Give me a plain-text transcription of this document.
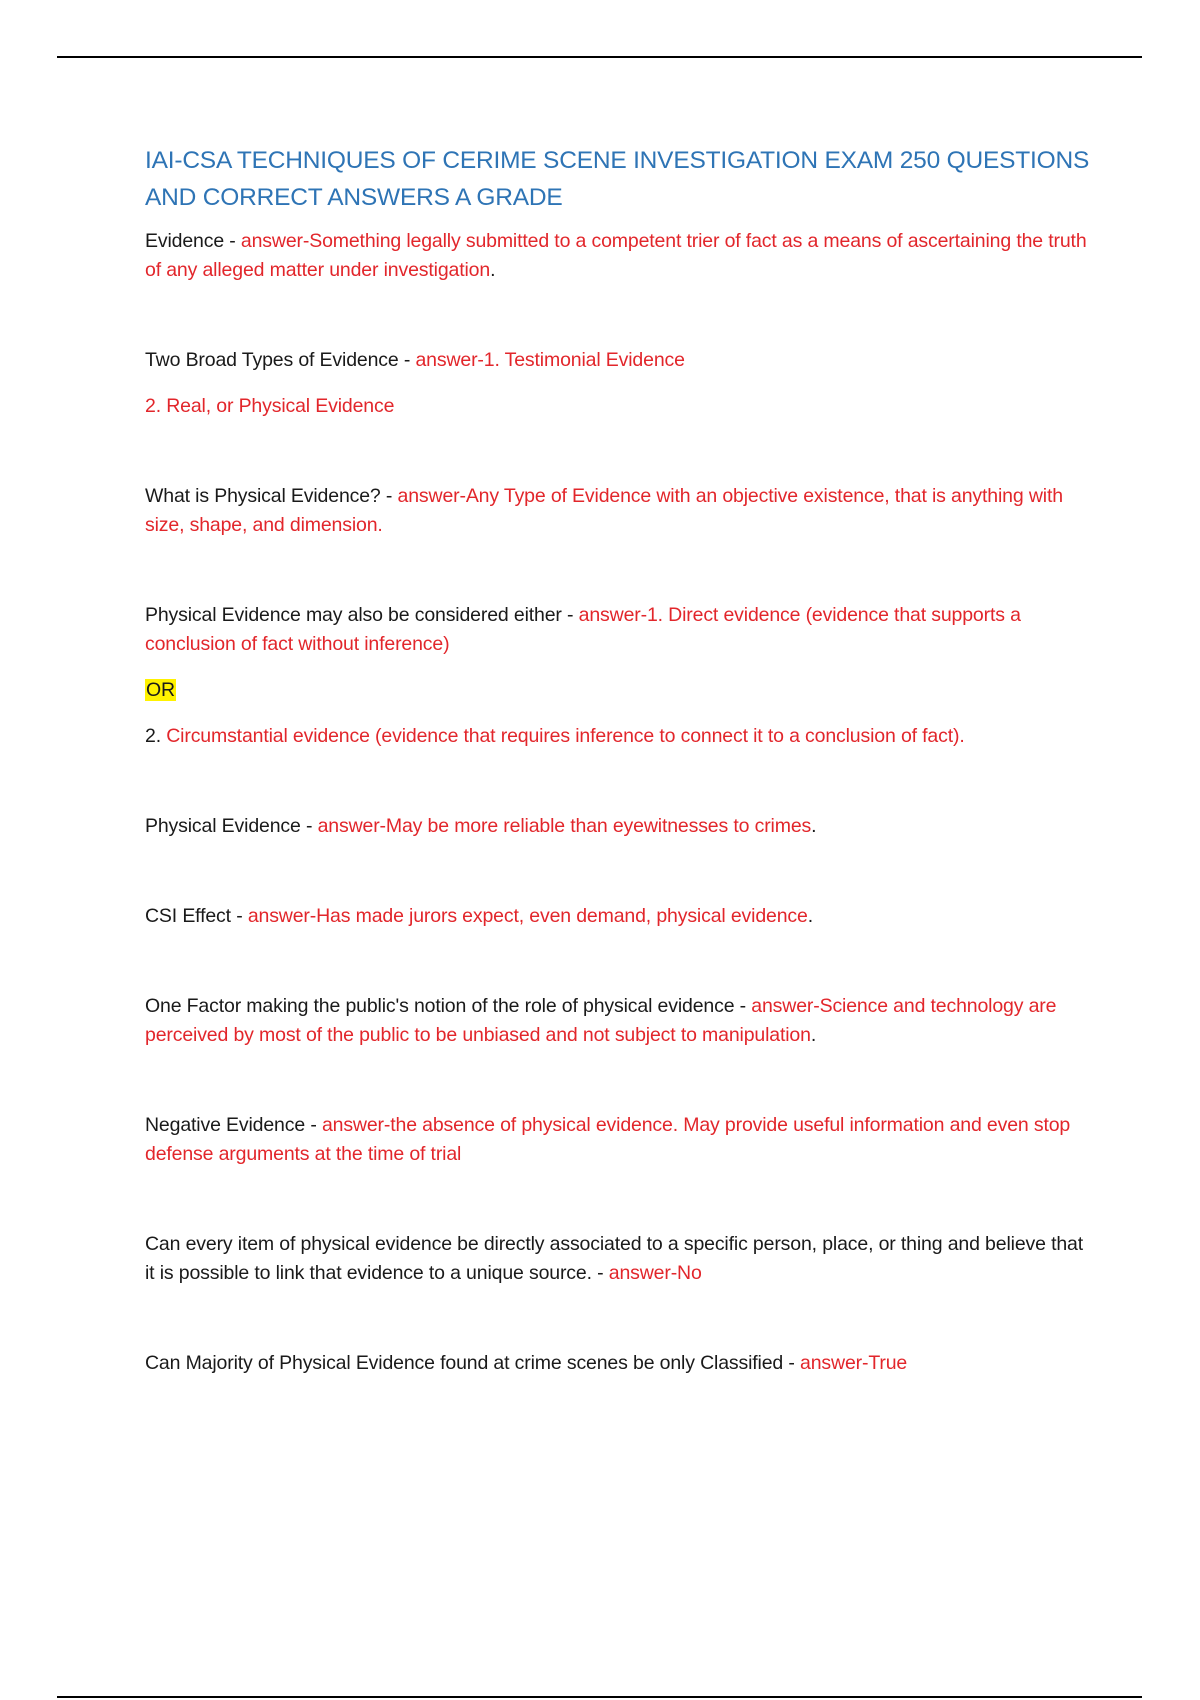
IAI-CSA TECHNIQUES OF CERIME SCENE INVESTIGATION EXAM 250 QUESTIONS AND CORRECT ANSWERS A GRADE

Evidence - answer-Something legally submitted to a competent trier of fact as a means of ascertaining the truth of any alleged matter under investigation.

Two Broad Types of Evidence - answer-1. Testimonial Evidence

2. Real, or Physical Evidence

What is Physical Evidence? - answer-Any Type of Evidence with an objective existence, that is anything with size, shape, and dimension.

Physical Evidence may also be considered either - answer-1. Direct evidence (evidence that supports a conclusion of fact without inference)

OR

2. Circumstantial evidence (evidence that requires inference to connect it to a conclusion of fact).

Physical Evidence - answer-May be more reliable than eyewitnesses to crimes.

CSI Effect - answer-Has made jurors expect, even demand, physical evidence.

One Factor making the public's notion of the role of physical evidence - answer-Science and technology are perceived by most of the public to be unbiased and not subject to manipulation.

Negative Evidence - answer-the absence of physical evidence. May provide useful information and even stop defense arguments at the time of trial

Can every item of physical evidence be directly associated to a specific person, place, or thing and believe that it is possible to link that evidence to a unique source. - answer-No

Can Majority of Physical Evidence found at crime scenes be only Classified - answer-True
